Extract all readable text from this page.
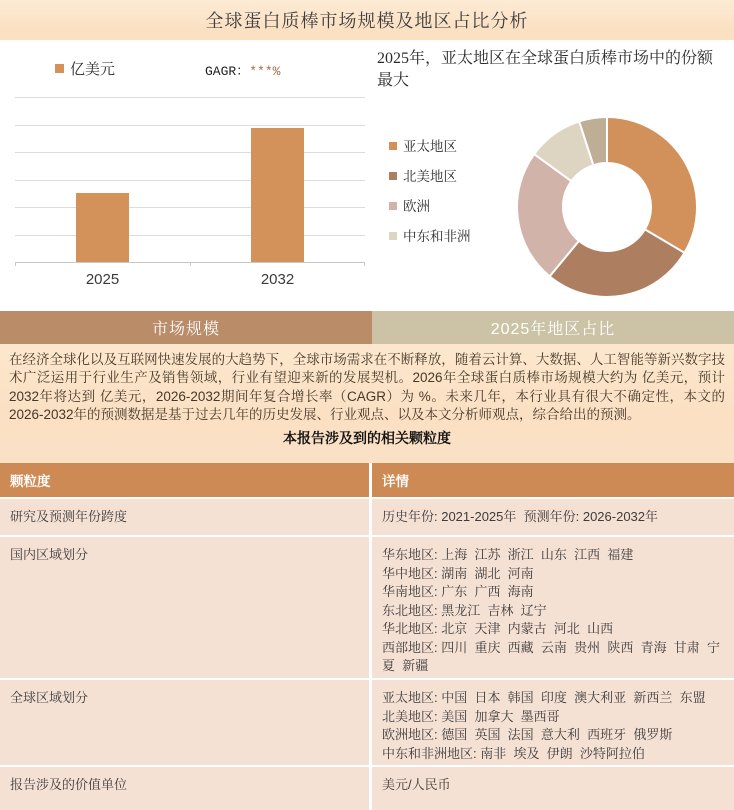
全球蛋白质棒市场规模及地区占比分析
亿美元	GAGR：***%
2025	2032
2025年，亚太地区在全球蛋白质棒市场中的份额最大
亚太地区
北美地区
欧洲
中东和非洲
市场规模	2025年地区占比

在经济全球化以及互联网快速发展的大趋势下，全球市场需求在不断释放，随着云计算、大数据、人工智能等新兴数字技术广泛运用于行业生产及销售领域，行业有望迎来新的发展契机。2026年全球蛋白质棒市场规模大约为 亿美元，预计2032年将达到 亿美元，2026-2032期间年复合增长率（CAGR）为 %。未来几年，本行业具有很大不确定性，本文的2026-2032年的预测数据是基于过去几年的历史发展、行业观点、以及本文分析师观点，综合给出的预测。

本报告涉及到的相关颗粒度
颗粒度	详情
研究及预测年份跨度	历史年份: 2021-2025年  预测年份: 2026-2032年
国内区域划分	华东地区: 上海  江苏  浙江  山东  江西  福建
华中地区: 湖南  湖北  河南
华南地区: 广东  广西  海南
东北地区: 黑龙江  吉林  辽宁
华北地区: 北京  天津  内蒙古  河北  山西
西部地区: 四川  重庆  西藏  云南  贵州  陕西  青海  甘肃  宁夏  新疆
全球区域划分	亚太地区: 中国  日本  韩国  印度  澳大利亚  新西兰  东盟
北美地区: 美国  加拿大  墨西哥
欧洲地区: 德国  英国  法国  意大利  西班牙  俄罗斯
中东和非洲地区: 南非  埃及  伊朗  沙特阿拉伯
报告涉及的价值单位	美元/人民币
